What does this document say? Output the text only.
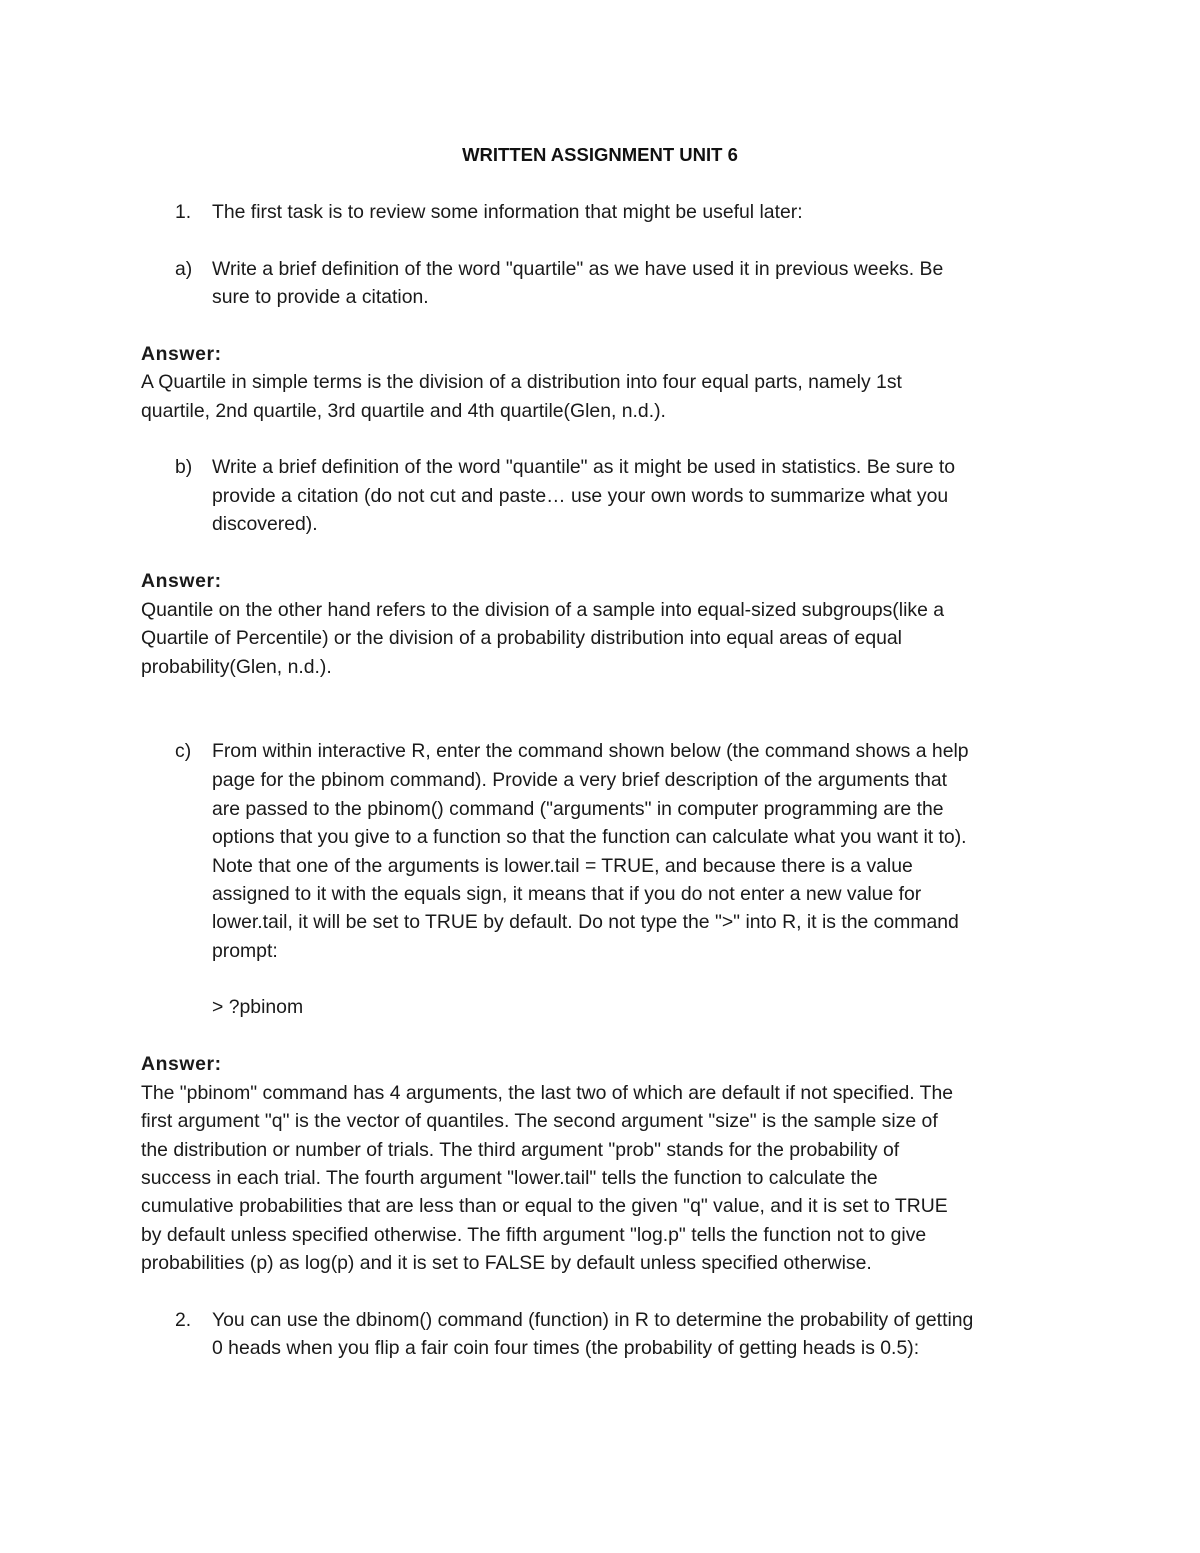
WRITTEN ASSIGNMENT UNIT 6
1. The first task is to review some information that might be useful later:
a) Write a brief definition of the word "quartile" as we have used it in previous weeks. Be
sure to provide a citation.
Answer:
A Quartile in simple terms is the division of a distribution into four equal parts, namely 1st
quartile, 2nd quartile, 3rd quartile and 4th quartile(Glen, n.d.).
b) Write a brief definition of the word "quantile" as it might be used in statistics. Be sure to
provide a citation (do not cut and paste… use your own words to summarize what you
discovered).
Answer:
Quantile on the other hand refers to the division of a sample into equal-sized subgroups(like a
Quartile of Percentile) or the division of a probability distribution into equal areas of equal
probability(Glen, n.d.).
c) From within interactive R, enter the command shown below (the command shows a help
page for the pbinom command). Provide a very brief description of the arguments that
are passed to the pbinom() command ("arguments" in computer programming are the
options that you give to a function so that the function can calculate what you want it to).
Note that one of the arguments is lower.tail = TRUE, and because there is a value
assigned to it with the equals sign, it means that if you do not enter a new value for
lower.tail, it will be set to TRUE by default. Do not type the ">" into R, it is the command
prompt:
> ?pbinom
Answer:
The "pbinom" command has 4 arguments, the last two of which are default if not specified. The
first argument "q" is the vector of quantiles. The second argument "size" is the sample size of
the distribution or number of trials. The third argument "prob" stands for the probability of
success in each trial. The fourth argument "lower.tail" tells the function to calculate the
cumulative probabilities that are less than or equal to the given "q" value, and it is set to TRUE
by default unless specified otherwise. The fifth argument "log.p" tells the function not to give
probabilities (p) as log(p) and it is set to FALSE by default unless specified otherwise.
2. You can use the dbinom() command (function) in R to determine the probability of getting
0 heads when you flip a fair coin four times (the probability of getting heads is 0.5):
